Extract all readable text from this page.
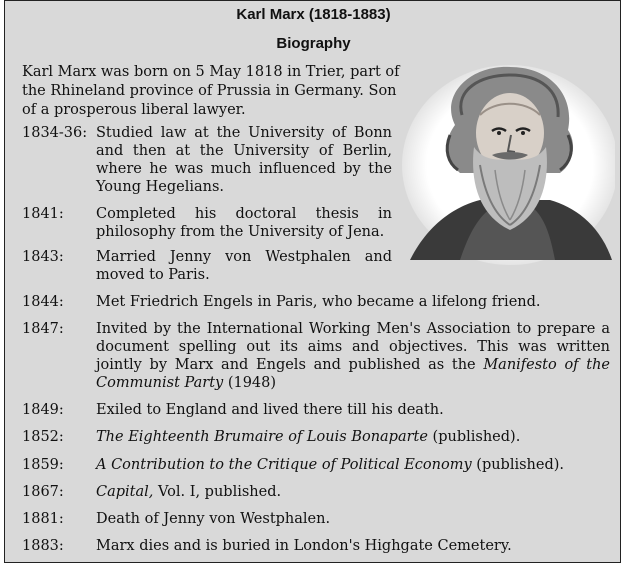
Karl Marx (1818-1883)
Biography

Karl Marx was born on 5 May 1818 in Trier, part of the Rhineland province of Prussia in Germany. Son of a prosperous liberal lawyer.

1834-36: Studied law at the University of Bonn and then at the University of Berlin, where he was much influenced by the Young Hegelians.
1841: Completed his doctoral thesis in philosophy from the University of Jena.
1843: Married Jenny von Westphalen and moved to Paris.
1844: Met Friedrich Engels in Paris, who became a lifelong friend.
1847: Invited by the International Working Men's Association to prepare a document spelling out its aims and objectives. This was written jointly by Marx and Engels and published as the Manifesto of the Communist Party (1948)
1849: Exiled to England and lived there till his death.
1852: The Eighteenth Brumaire of Louis Bonaparte (published).
1859: A Contribution to the Critique of Political Economy (published).
1867: Capital, Vol. I, published.
1881: Death of Jenny von Westphalen.
1883: Marx dies and is buried in London's Highgate Cemetery.
